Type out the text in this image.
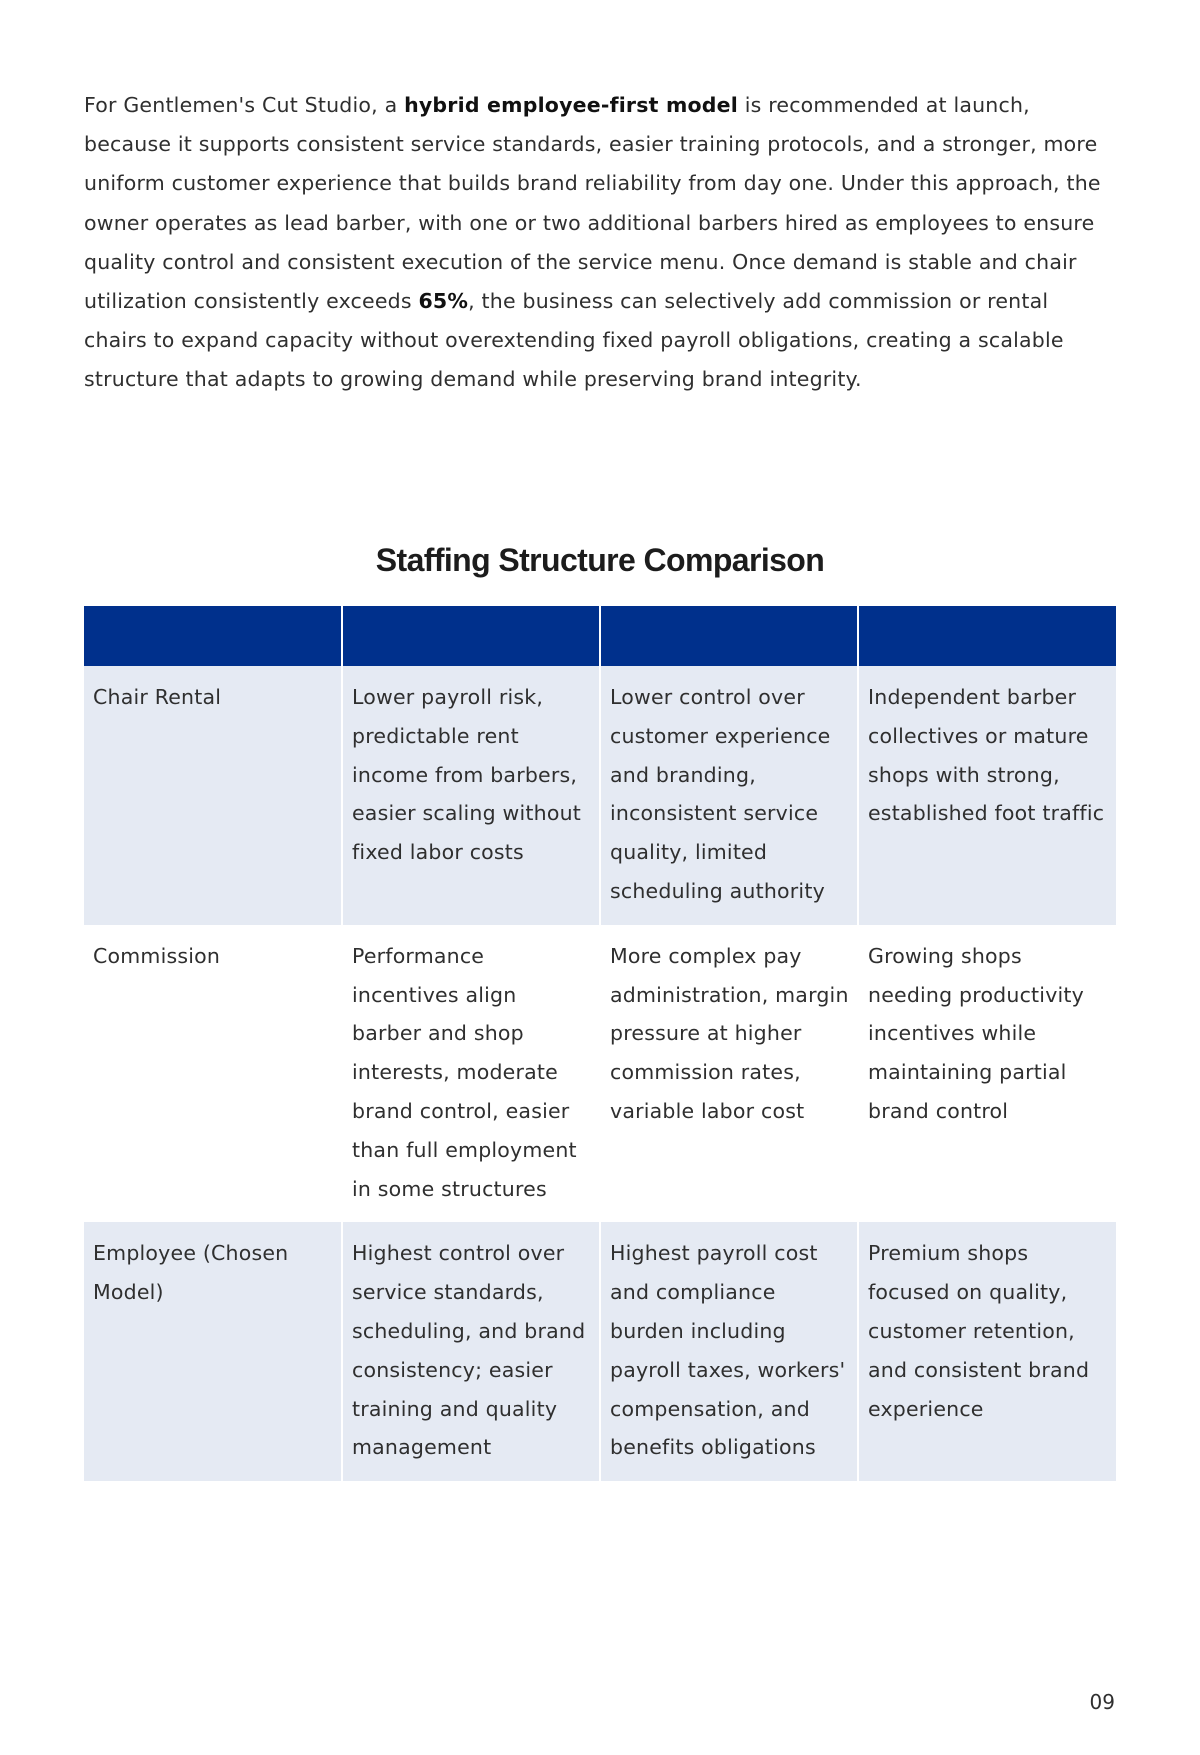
For Gentlemen's Cut Studio, a hybrid employee-first model is recommended at launch, because it supports consistent service standards, easier training protocols, and a stronger, more uniform customer experience that builds brand reliability from day one. Under this approach, the owner operates as lead barber, with one or two additional barbers hired as employees to ensure quality control and consistent execution of the service menu. Once demand is stable and chair utilization consistently exceeds 65%, the business can selectively add commission or rental chairs to expand capacity without overextending fixed payroll obligations, creating a scalable structure that adapts to growing demand while preserving brand integrity.

Staffing Structure Comparison

Chair Rental	Lower payroll risk, predictable rent income from barbers, easier scaling without fixed labor costs	Lower control over customer experience and branding, inconsistent service quality, limited scheduling authority	Independent barber collectives or mature shops with strong, established foot traffic
Commission	Performance incentives align barber and shop interests, moderate brand control, easier than full employment in some structures	More complex pay administration, margin pressure at higher commission rates, variable labor cost	Growing shops needing productivity incentives while maintaining partial brand control
Employee (Chosen Model)	Highest control over service standards, scheduling, and brand consistency; easier training and quality management	Highest payroll cost and compliance burden including payroll taxes, workers' compensation, and benefits obligations	Premium shops focused on quality, customer retention, and consistent brand experience
09
